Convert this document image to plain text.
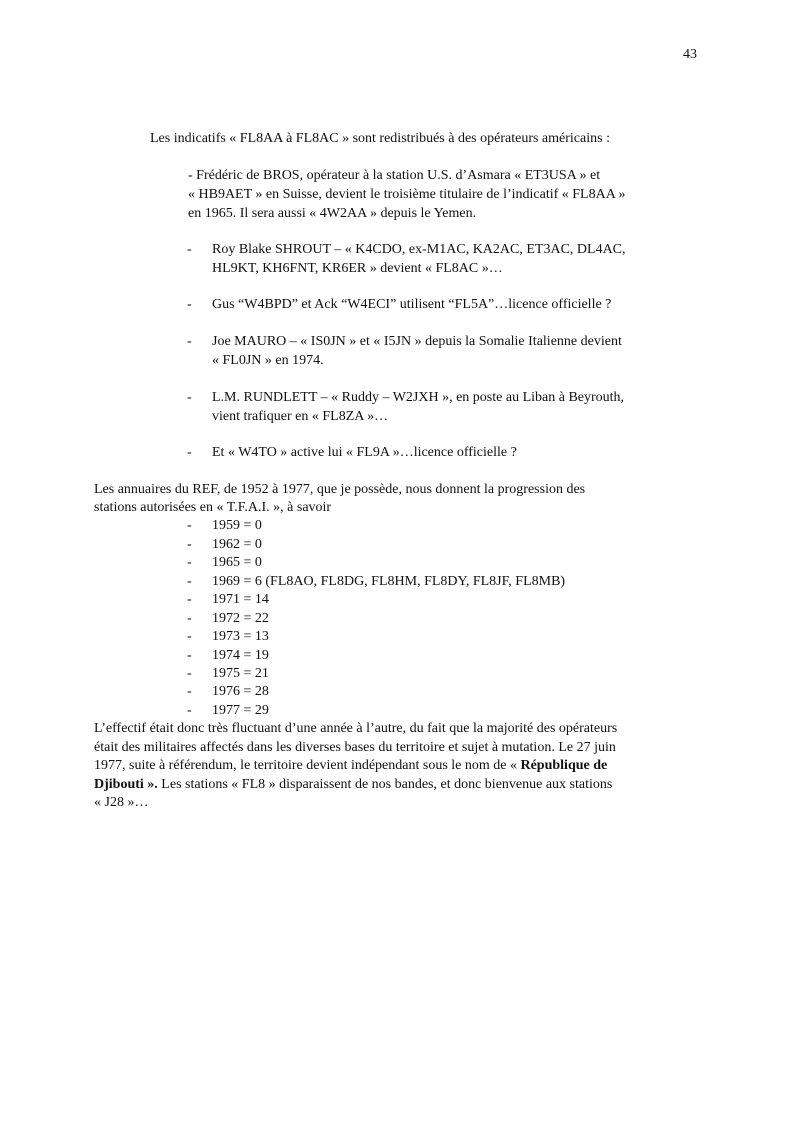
43

Les indicatifs « FL8AA à FL8AC » sont redistribués à des opérateurs américains :

- Frédéric de BROS, opérateur à la station U.S. d’Asmara « ET3USA » et

« HB9AET » en Suisse, devient le troisième titulaire de l’indicatif « FL8AA »

en 1965. Il sera aussi « 4W2AA » depuis le Yemen.

- Roy Blake SHROUT – « K4CDO, ex-M1AC, KA2AC, ET3AC, DL4AC,

HL9KT, KH6FNT, KR6ER » devient « FL8AC »…

- Gus “W4BPD” et Ack “W4ECI” utilisent “FL5A”…licence officielle ?

- Joe MAURO – « IS0JN » et « I5JN » depuis la Somalie Italienne devient

« FL0JN » en 1974.

- L.M. RUNDLETT – « Ruddy – W2JXH », en poste au Liban à Beyrouth,

vient trafiquer en « FL8ZA »…

- Et « W4TO » active lui « FL9A »…licence officielle ?

Les annuaires du REF, de 1952 à 1977, que je possède, nous donnent la progression des

stations autorisées en « T.F.A.I. », à savoir

- 1959 = 0

- 1962 = 0

- 1965 = 0

- 1969 = 6 (FL8AO, FL8DG, FL8HM, FL8DY, FL8JF, FL8MB)

- 1971 = 14

- 1972 = 22

- 1973 = 13

- 1974 = 19

- 1975 = 21

- 1976 = 28

- 1977 = 29

L’effectif était donc très fluctuant d’une année à l’autre, du fait que la majorité des opérateurs

était des militaires affectés dans les diverses bases du territoire et sujet à mutation. Le 27 juin

1977, suite à référendum, le territoire devient indépendant sous le nom de « République de

Djibouti ». Les stations « FL8 » disparaissent de nos bandes, et donc bienvenue aux stations

« J28 »…
